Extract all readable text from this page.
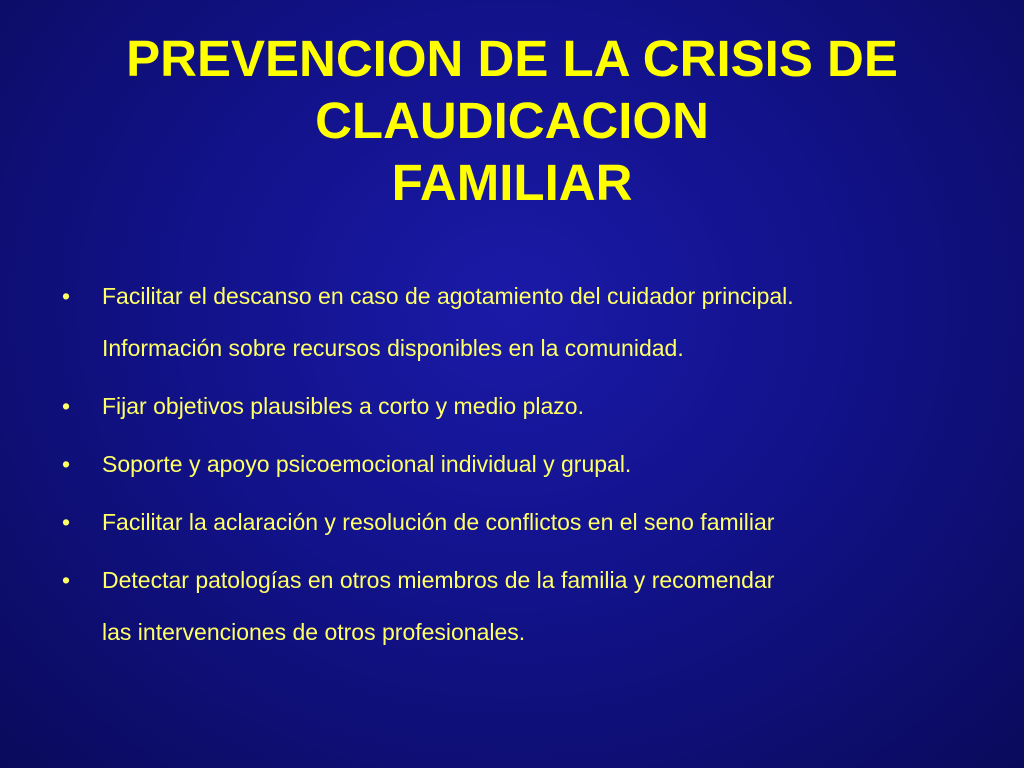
PREVENCION DE LA CRISIS DE
CLAUDICACION
FAMILIAR
•	Facilitar el descanso en caso de agotamiento del cuidador principal.
Información sobre recursos disponibles en la comunidad.
•	Fijar objetivos plausibles a corto y medio plazo.
•	Soporte y apoyo psicoemocional individual y grupal.
•	Facilitar la aclaración y resolución de conflictos en el seno familiar
•	Detectar patologías en otros miembros de la familia y recomendar
las intervenciones de otros profesionales.
